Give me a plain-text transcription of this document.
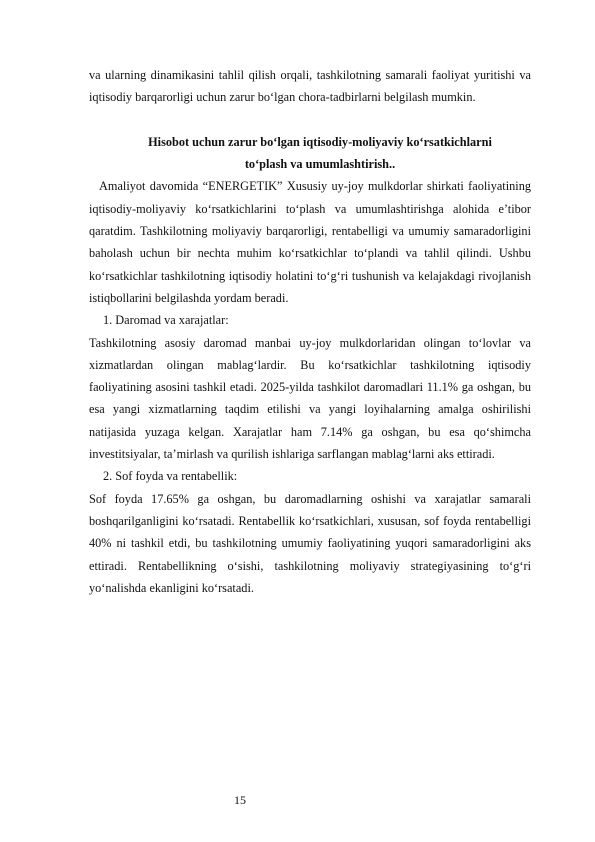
va ularning dinamikasini tahlil qilish orqali, tashkilotning samarali faoliyat yuritishi va iqtisodiy barqarorligi uchun zarur bo‘lgan chora-tadbirlarni belgilash mumkin.

Hisobot uchun zarur bo‘lgan iqtisodiy-moliyaviy ko‘rsatkichlarni

to‘plash va umumlashtirish..

Amaliyot davomida “ENERGETIK” Xususiy uy-joy mulkdorlar shirkati faoliyatining iqtisodiy-moliyaviy ko‘rsatkichlarini to‘plash va umumlashtirishga alohida e’tibor qaratdim. Tashkilotning moliyaviy barqarorligi, rentabelligi va umumiy samaradorligini baholash uchun bir nechta muhim ko‘rsatkichlar to‘plandi va tahlil qilindi. Ushbu ko‘rsatkichlar tashkilotning iqtisodiy holatini to‘g‘ri tushunish va kelajakdagi rivojlanish istiqbollarini belgilashda yordam beradi.

1. Daromad va xarajatlar:

Tashkilotning asosiy daromad manbai uy-joy mulkdorlaridan olingan to‘lovlar va xizmatlardan olingan mablag‘lardir. Bu ko‘rsatkichlar tashkilotning iqtisodiy faoliyatining asosini tashkil etadi. 2025-yilda tashkilot daromadlari 11.1% ga oshgan, bu esa yangi xizmatlarning taqdim etilishi va yangi loyihalarning amalga oshirilishi natijasida yuzaga kelgan. Xarajatlar ham 7.14% ga oshgan, bu esa qo‘shimcha investitsiyalar, ta’mirlash va qurilish ishlariga sarflangan mablag‘larni aks ettiradi.

2. Sof foyda va rentabellik:

Sof foyda 17.65% ga oshgan, bu daromadlarning oshishi va xarajatlar samarali boshqarilganligini ko‘rsatadi. Rentabellik ko‘rsatkichlari, xususan, sof foyda rentabelligi 40% ni tashkil etdi, bu tashkilotning umumiy faoliyatining yuqori samaradorligini aks ettiradi. Rentabellikning o‘sishi, tashkilotning moliyaviy strategiyasining to‘g‘ri yo‘nalishda ekanligini ko‘rsatadi.

15
